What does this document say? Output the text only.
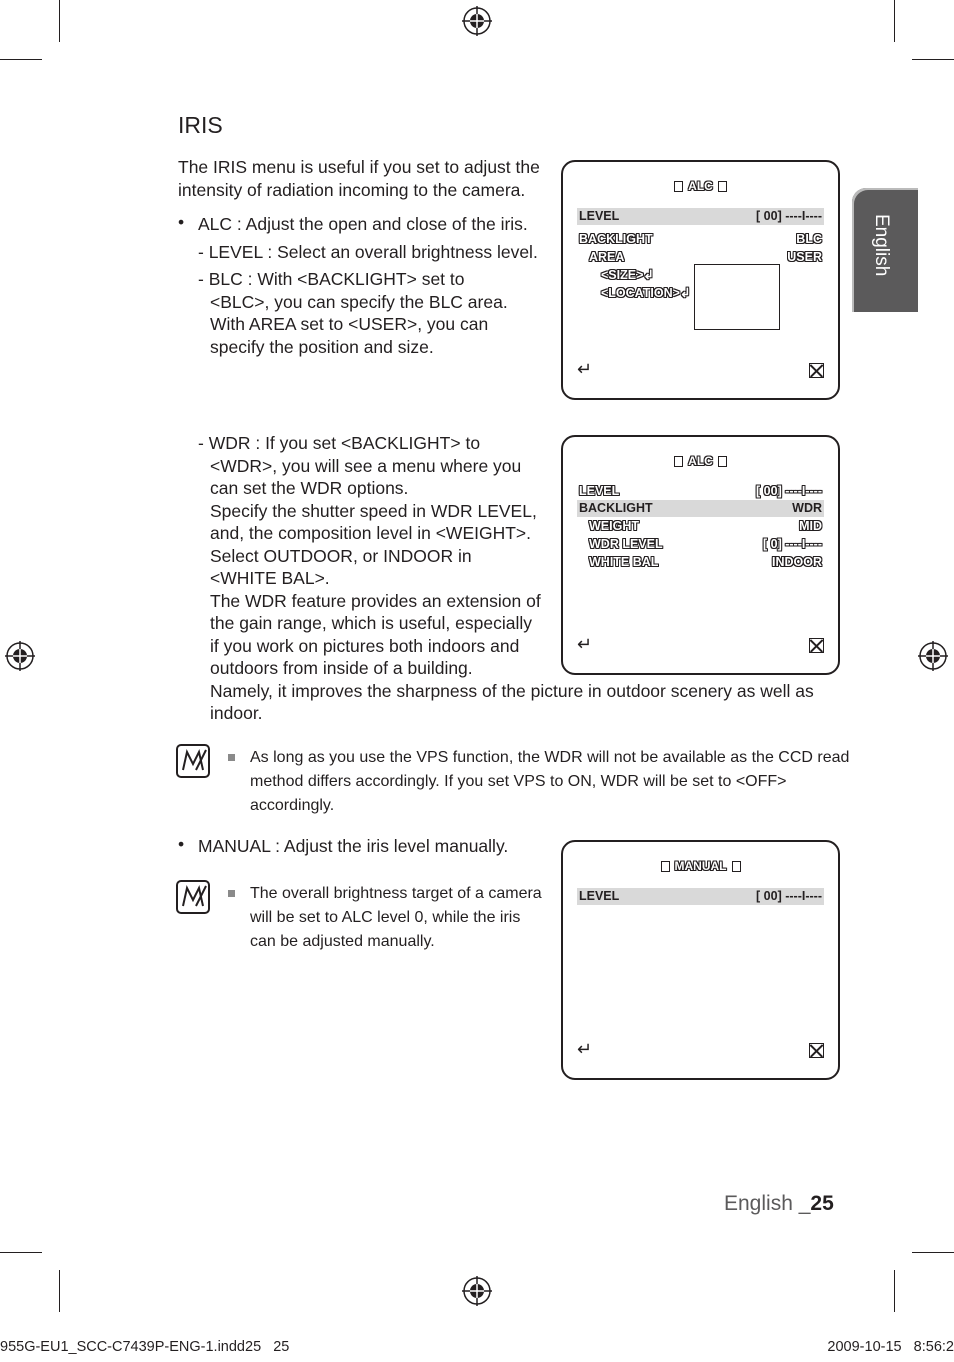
English
IRIS
The IRIS menu is useful if you set to adjust the
intensity of radiation incoming to the camera.
• ALC : Adjust the open and close of the iris.
- LEVEL : Select an overall brightness level.
- BLC : With <BACKLIGHT> set to
<BLC>, you can specify the BLC area.
With AREA set to <USER>, you can
specify the position and size.
ALC
LEVEL	[ 00] ----I----
BACKLIGHT	BLC
AREA	USER
<SIZE>↲
<LOCATION>↲
↵
- WDR : If you set <BACKLIGHT> to
<WDR>, you will see a menu where you
can set the WDR options.
Specify the shutter speed in WDR LEVEL,
and, the composition level in <WEIGHT>.
Select OUTDOOR, or INDOOR in
<WHITE BAL>.
The WDR feature provides an extension of
the gain range, which is useful, especially
if you work on pictures both indoors and
outdoors from inside of a building.
Namely, it improves the sharpness of the picture in outdoor scenery as well as
indoor.
ALC
LEVEL	[ 00] ----I----
BACKLIGHT	WDR
WEIGHT	MID
WDR LEVEL	[ 0] ----I----
WHITE BAL	INDOOR
↵
As long as you use the VPS function, the WDR will not be available as the CCD read
method differs accordingly. If you set VPS to ON, WDR will be set to <OFF>
accordingly.
• MANUAL : Adjust the iris level manually.
The overall brightness target of a camera
will be set to ALC level 0, while the iris
can be adjusted manually.
MANUAL
LEVEL	[ 00] ----I----
↵
English _25
955G-EU1_SCC-C7439P-ENG-1.indd25   25	2009-10-15   8:56:2
